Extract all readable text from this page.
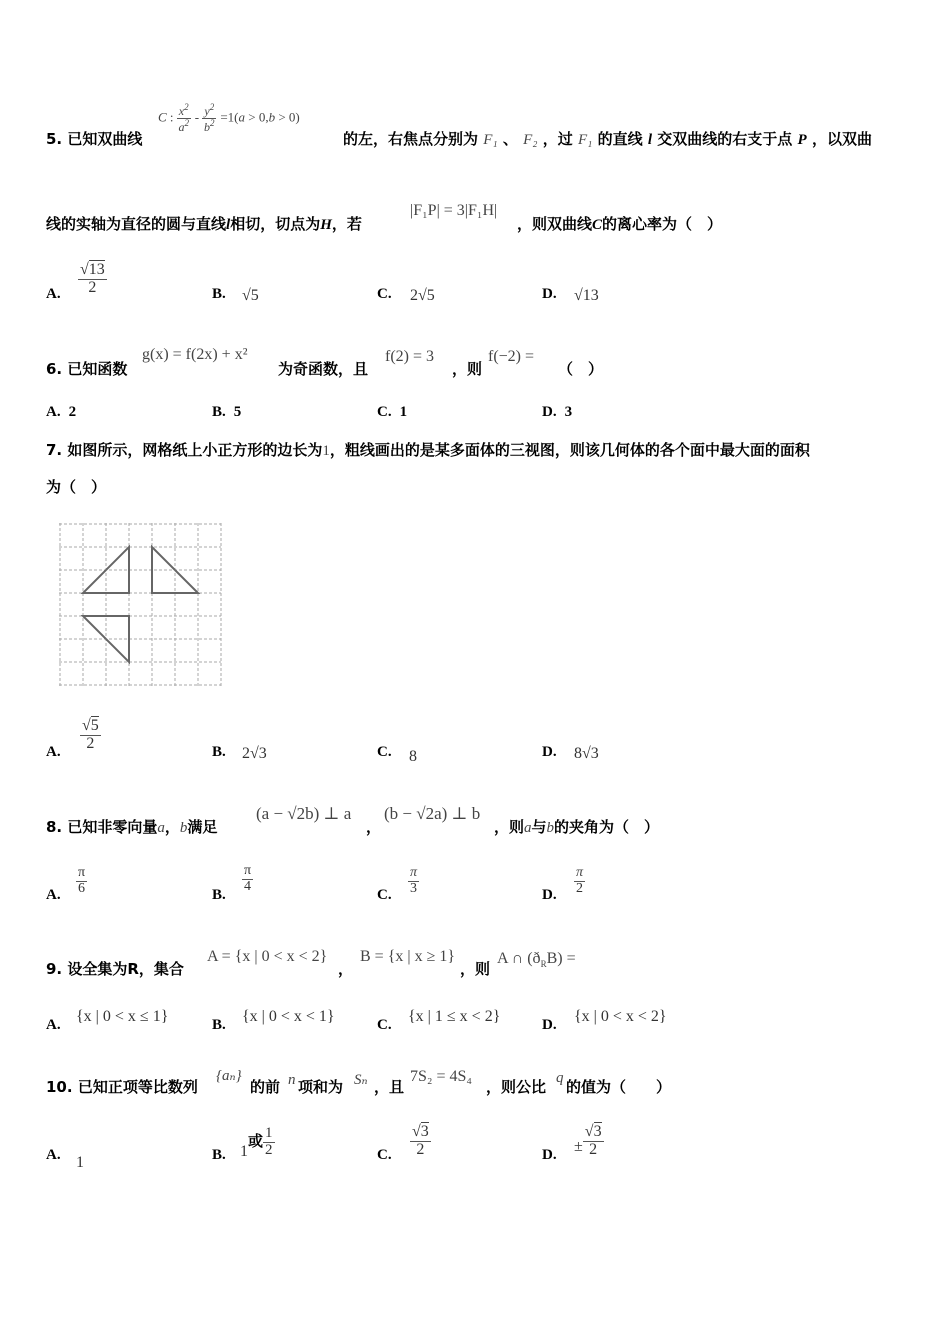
5. 已知双曲线
C : $\frac{x^2}{a^2} - \frac{y^2}{b^2} =1(a > 0,b > 0)$
的左，右焦点分别为 F₁ 、 F₂ ，过 F₁ 的直线 l 交双曲线的右支于点 P ，以双曲
线的实轴为直径的圆与直线l相切，切点为H，若
|F₁P| = 3|F₁H|
，则双曲线C的离心率为（　）
A. $\frac{√13}{2}$	B. √5	C. 2√5	D. √13
6. 已知函数
g(x) = f(2x) + x²
为奇函数，且
f(2) = 3
，则
f(−2) =
（　）
A. 2	B. 5	C. 1	D. 3
7. 如图所示，网格纸上小正方形的边长为1，粗线画出的是某多面体的三视图，则该几何体的各个面中最大面的面积
为（　）
A. $\frac{√5}{2}$	B. 2√3	C. 8	D. 8√3
8. 已知非零向量a，b满足
(a − √2b) ⊥ a
，
(b − √2a) ⊥ b
，则a与b的夹角为（　）
A. $\frac{\pi}{6}$	B.
$\frac{\pi}{4}$
C. $\frac{\pi}{3}$	D. $\frac{\pi}{2}$
9. 设全集为R，集合
A = {x | 0 < x < 2}
，
B = {x | x ≥ 1}
，则
A ∩ $(ð_RB)$ =
A. {x | 0 < x ≤ 1}	B. {x | 0 < x < 1}	C. {x | 1 ≤ x < 2}	D. {x | 0 < x < 2}
10. 已知正项等比数列
{aₙ}
的前 n 项和为 Sₙ ，且
7S₂ = 4S₄
，则公比 q 的值为（　　）
A. 1	B. 1或 $\frac{1}{2}$	C. $\frac{√3}{2}$	D.
± $\frac{√3}{2}$
